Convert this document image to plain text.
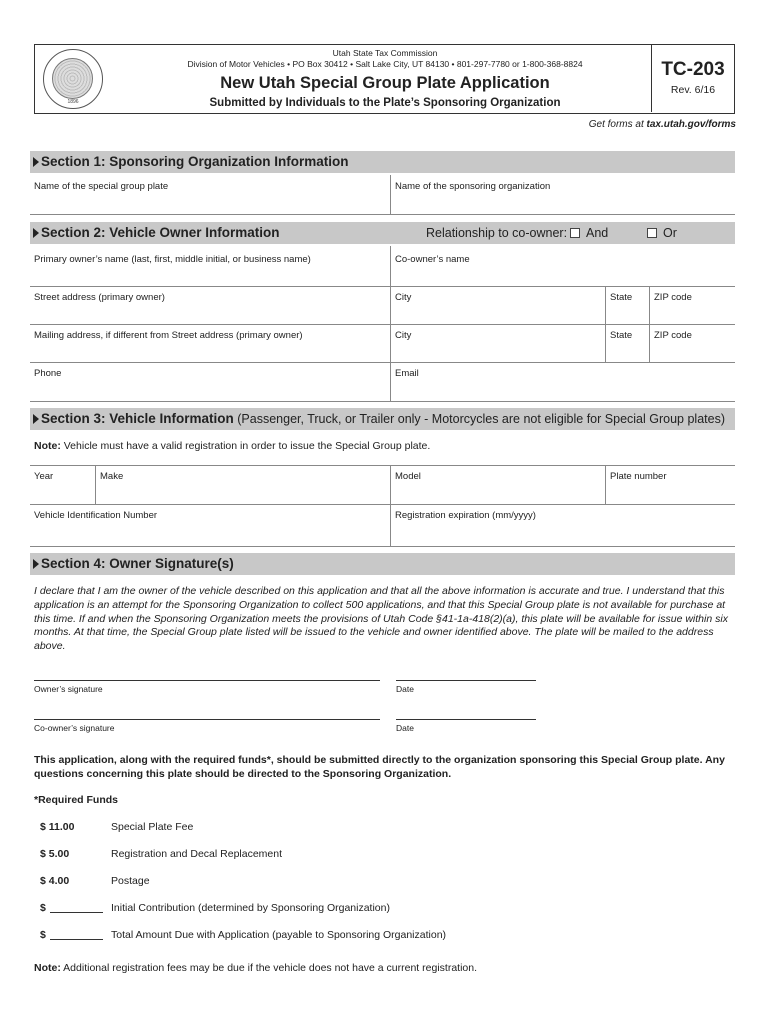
1896
Utah State Tax Commission
Division of Motor Vehicles • PO Box 30412 • Salt Lake City, UT 84130 • 801-297-7780 or 1-800-368-8824
New Utah Special Group Plate Application
Submitted by Individuals to the Plate’s Sponsoring Organization
TC-203
Rev. 6/16
Get forms at tax.utah.gov/forms
Section 1: Sponsoring Organization Information
Name of the special group plate	Name of the sponsoring organization
Section 2: Vehicle Owner Information	Relationship to co-owner:	And	Or
Primary owner’s name (last, first, middle initial, or business name)	Co-owner’s name
Street address (primary owner)	City	State	ZIP code
Mailing address, if different from Street address (primary owner)	City	State	ZIP code
Phone	Email
Section 3: Vehicle Information (Passenger, Truck, or Trailer only - Motorcycles are not eligible for Special Group plates)
Note: Vehicle must have a valid registration in order to issue the Special Group plate.
Year	Make	Model	Plate number
Vehicle Identification Number	Registration expiration (mm/yyyy)
Section 4: Owner Signature(s)
I declare that I am the owner of the vehicle described on this application and that all the above information is accurate and true. I understand that this application is an attempt for the Sponsoring Organization to collect 500 applications, and that this Special Group plate is not available for purchase at this time. If and when the Sponsoring Organization meets the provisions of Utah Code §41-1a-418(2)(a), this plate will be available for issue within six months. At that time, the Special Group plate listed will be issued to the vehicle and owner identified above. The plate will be mailed to the address above.
Owner’s signature	Date
Co-owner’s signature	Date
This application, along with the required funds*, should be submitted directly to the organization sponsoring this Special Group plate. Any questions concerning this plate should be directed to the Sponsoring Organization.
*Required Funds
$ 11.00	Special Plate Fee
$ 5.00	Registration and Decal Replacement
$ 4.00	Postage
$	Initial Contribution (determined by Sponsoring Organization)
$	Total Amount Due with Application (payable to Sponsoring Organization)
Note: Additional registration fees may be due if the vehicle does not have a current registration.
